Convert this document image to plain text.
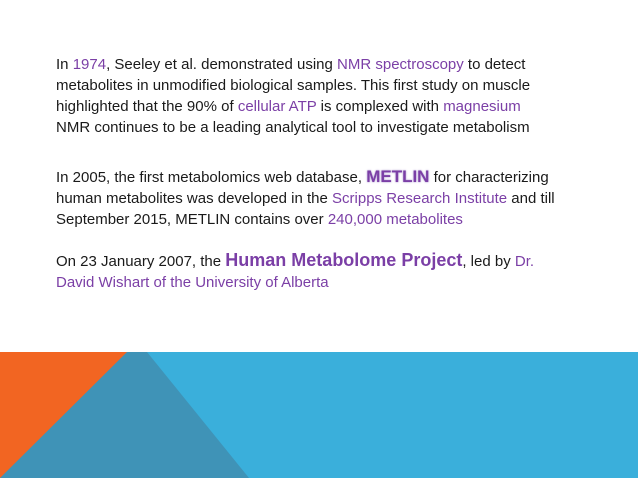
In 1974, Seeley et al. demonstrated using NMR spectroscopy to detect
metabolites in unmodified biological samples. This first study on muscle
highlighted that the 90% of cellular ATP is complexed with magnesium
NMR continues to be a leading analytical tool to investigate metabolism
In 2005, the first metabolomics web database, METLIN for characterizing
human metabolites was developed in the Scripps Research Institute and till
September 2015, METLIN contains over 240,000 metabolites
On 23 January 2007, the Human Metabolome Project, led by Dr.
David Wishart of the University of Alberta
